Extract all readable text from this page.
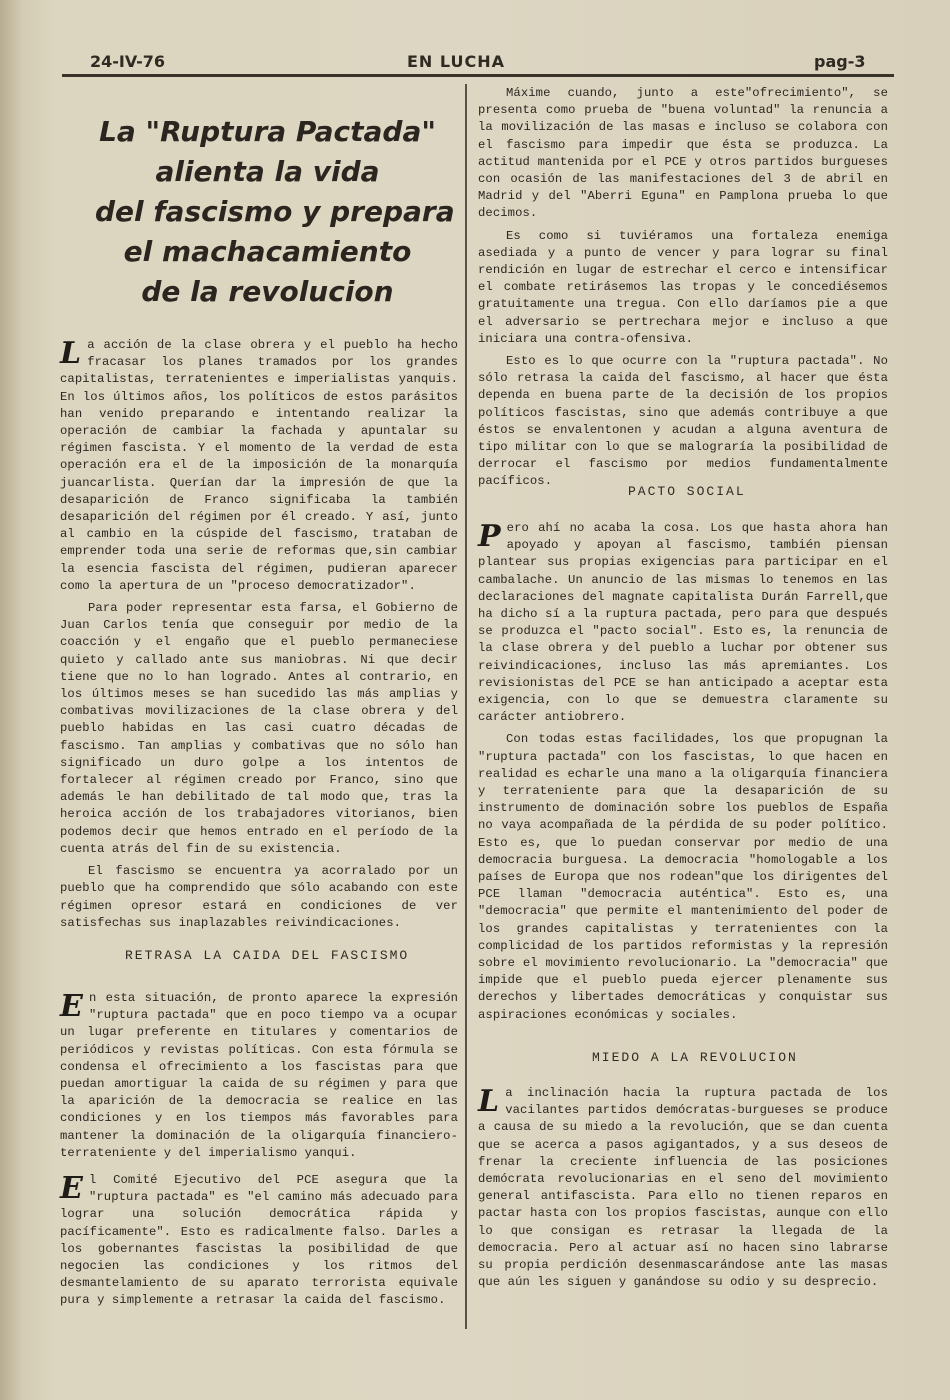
24-IV-76	EN LUCHA	pag-3
La "Ruptura Pactada"
alienta la vida
del fascismo y prepara
el machacamiento
de la revolucion

La acción de la clase obrera y el pueblo ha hecho fracasar los planes tramados por los grandes capitalistas, terratenientes e imperialistas yanquis. En los últimos años, los políticos de estos parásitos han venido preparando e intentando realizar la operación de cambiar la fachada y apuntalar su régimen fascista. Y el momento de la verdad de esta operación era el de la imposición de la monarquía juancarlista. Querían dar la impresión de que la desaparición de Franco significaba la también desaparición del régimen por él creado. Y así, junto al cambio en la cúspide del fascismo, trataban de emprender toda una serie de reformas que,sin cambiar la esencia fascista del régimen, pudieran aparecer como la apertura de un "proceso democratizador".

Para poder representar esta farsa, el Gobierno de Juan Carlos tenía que conseguir por medio de la coacción y el engaño que el pueblo permaneciese quieto y callado ante sus maniobras. Ni que decir tiene que no lo han logrado. Antes al contrario, en los últimos meses se han sucedido las más amplias y combativas movilizaciones de la clase obrera y del pueblo habidas en las casi cuatro décadas de fascismo. Tan amplias y combativas que no sólo han significado un duro golpe a los intentos de fortalecer al régimen creado por Franco, sino que además le han debilitado de tal modo que, tras la heroica acción de los trabajadores vitorianos, bien podemos decir que hemos entrado en el período de la cuenta atrás del fin de su existencia.

El fascismo se encuentra ya acorralado por un pueblo que ha comprendido que sólo acabando con este régimen opresor estará en condiciones de ver satisfechas sus inaplazables reivindicaciones.

RETRASA LA CAIDA DEL FASCISMO

En esta situación, de pronto aparece la expresión "ruptura pactada" que en poco tiempo va a ocupar un lugar preferente en titulares y comentarios de periódicos y revistas políticas. Con esta fórmula se condensa el ofrecimiento a los fascistas para que puedan amortiguar la caida de su régimen y para que la aparición de la democracia se realice en las condiciones y en los tiempos más favorables para mantener la dominación de la oligarquía financiero-terrateniente y del imperialismo yanqui.

El Comité Ejecutivo del PCE asegura que la "ruptura pactada" es "el camino más adecuado para lograr una solución democrática rápida y pacíficamente". Esto es radicalmente falso. Darles a los gobernantes fascistas la posibilidad de que negocien las condiciones y los ritmos del desmantelamiento de su aparato terrorista equivale pura y simplemente a retrasar la caida del fascismo.

Máxime cuando, junto a este"ofrecimiento", se presenta como prueba de "buena voluntad" la renuncia a la movilización de las masas e incluso se colabora con el fascismo para impedir que ésta se produzca. La actitud mantenida por el PCE y otros partidos burgueses con ocasión de las manifestaciones del 3 de abril en Madrid y del "Aberri Eguna" en Pamplona prueba lo que decimos.

Es como si tuviéramos una fortaleza enemiga asediada y a punto de vencer y para lograr su final rendición en lugar de estrechar el cerco e intensificar el combate retirásemos las tropas y le concediésemos gratuitamente una tregua. Con ello daríamos pie a que el adversario se pertrechara mejor e incluso a que iniciara una contra-ofensiva.

Esto es lo que ocurre con la "ruptura pactada". No sólo retrasa la caida del fascismo, al hacer que ésta dependa en buena parte de la decisión de los propios políticos fascistas, sino que además contribuye a que éstos se envalentonen y acudan a alguna aventura de tipo militar con lo que se malograría la posibilidad de derrocar el fascismo por medios fundamentalmente pacíficos.

PACTO SOCIAL

Pero ahí no acaba la cosa. Los que hasta ahora han apoyado y apoyan al fascismo, también piensan plantear sus propias exigencias para participar en el cambalache. Un anuncio de las mismas lo tenemos en las declaraciones del magnate capitalista Durán Farrell,que ha dicho sí a la ruptura pactada, pero para que después se produzca el "pacto social". Esto es, la renuncia de la clase obrera y del pueblo a luchar por obtener sus reivindicaciones, incluso las más apremiantes. Los revisionistas del PCE se han anticipado a aceptar esta exigencia, con lo que se demuestra claramente su carácter antiobrero.

Con todas estas facilidades, los que propugnan la "ruptura pactada" con los fascistas, lo que hacen en realidad es echarle una mano a la oligarquía financiera y terrateniente para que la desaparición de su instrumento de dominación sobre los pueblos de España no vaya acompañada de la pérdida de su poder político. Esto es, que lo puedan conservar por medio de una democracia burguesa. La democracia "homologable a los países de Europa que nos rodean"que los dirigentes del PCE llaman "democracia auténtica". Esto es, una "democracia" que permite el mantenimiento del poder de los grandes capitalistas y terratenientes con la complicidad de los partidos reformistas y la represión sobre el movimiento revolucionario. La "democracia" que impide que el pueblo pueda ejercer plenamente sus derechos y libertades democráticas y conquistar sus aspiraciones económicas y sociales.

MIEDO A LA REVOLUCION

La inclinación hacia la ruptura pactada de los vacilantes partidos demócratas-burgueses se produce a causa de su miedo a la revolución, que se dan cuenta que se acerca a pasos agigantados, y a sus deseos de frenar la creciente influencia de las posiciones demócrata revolucionarias en el seno del movimiento general antifascista. Para ello no tienen reparos en pactar hasta con los propios fascistas, aunque con ello lo que consigan es retrasar la llegada de la democracia. Pero al actuar así no hacen sino labrarse su propia perdición desenmascarándose ante las masas que aún les siguen y ganándose su odio y su desprecio.
